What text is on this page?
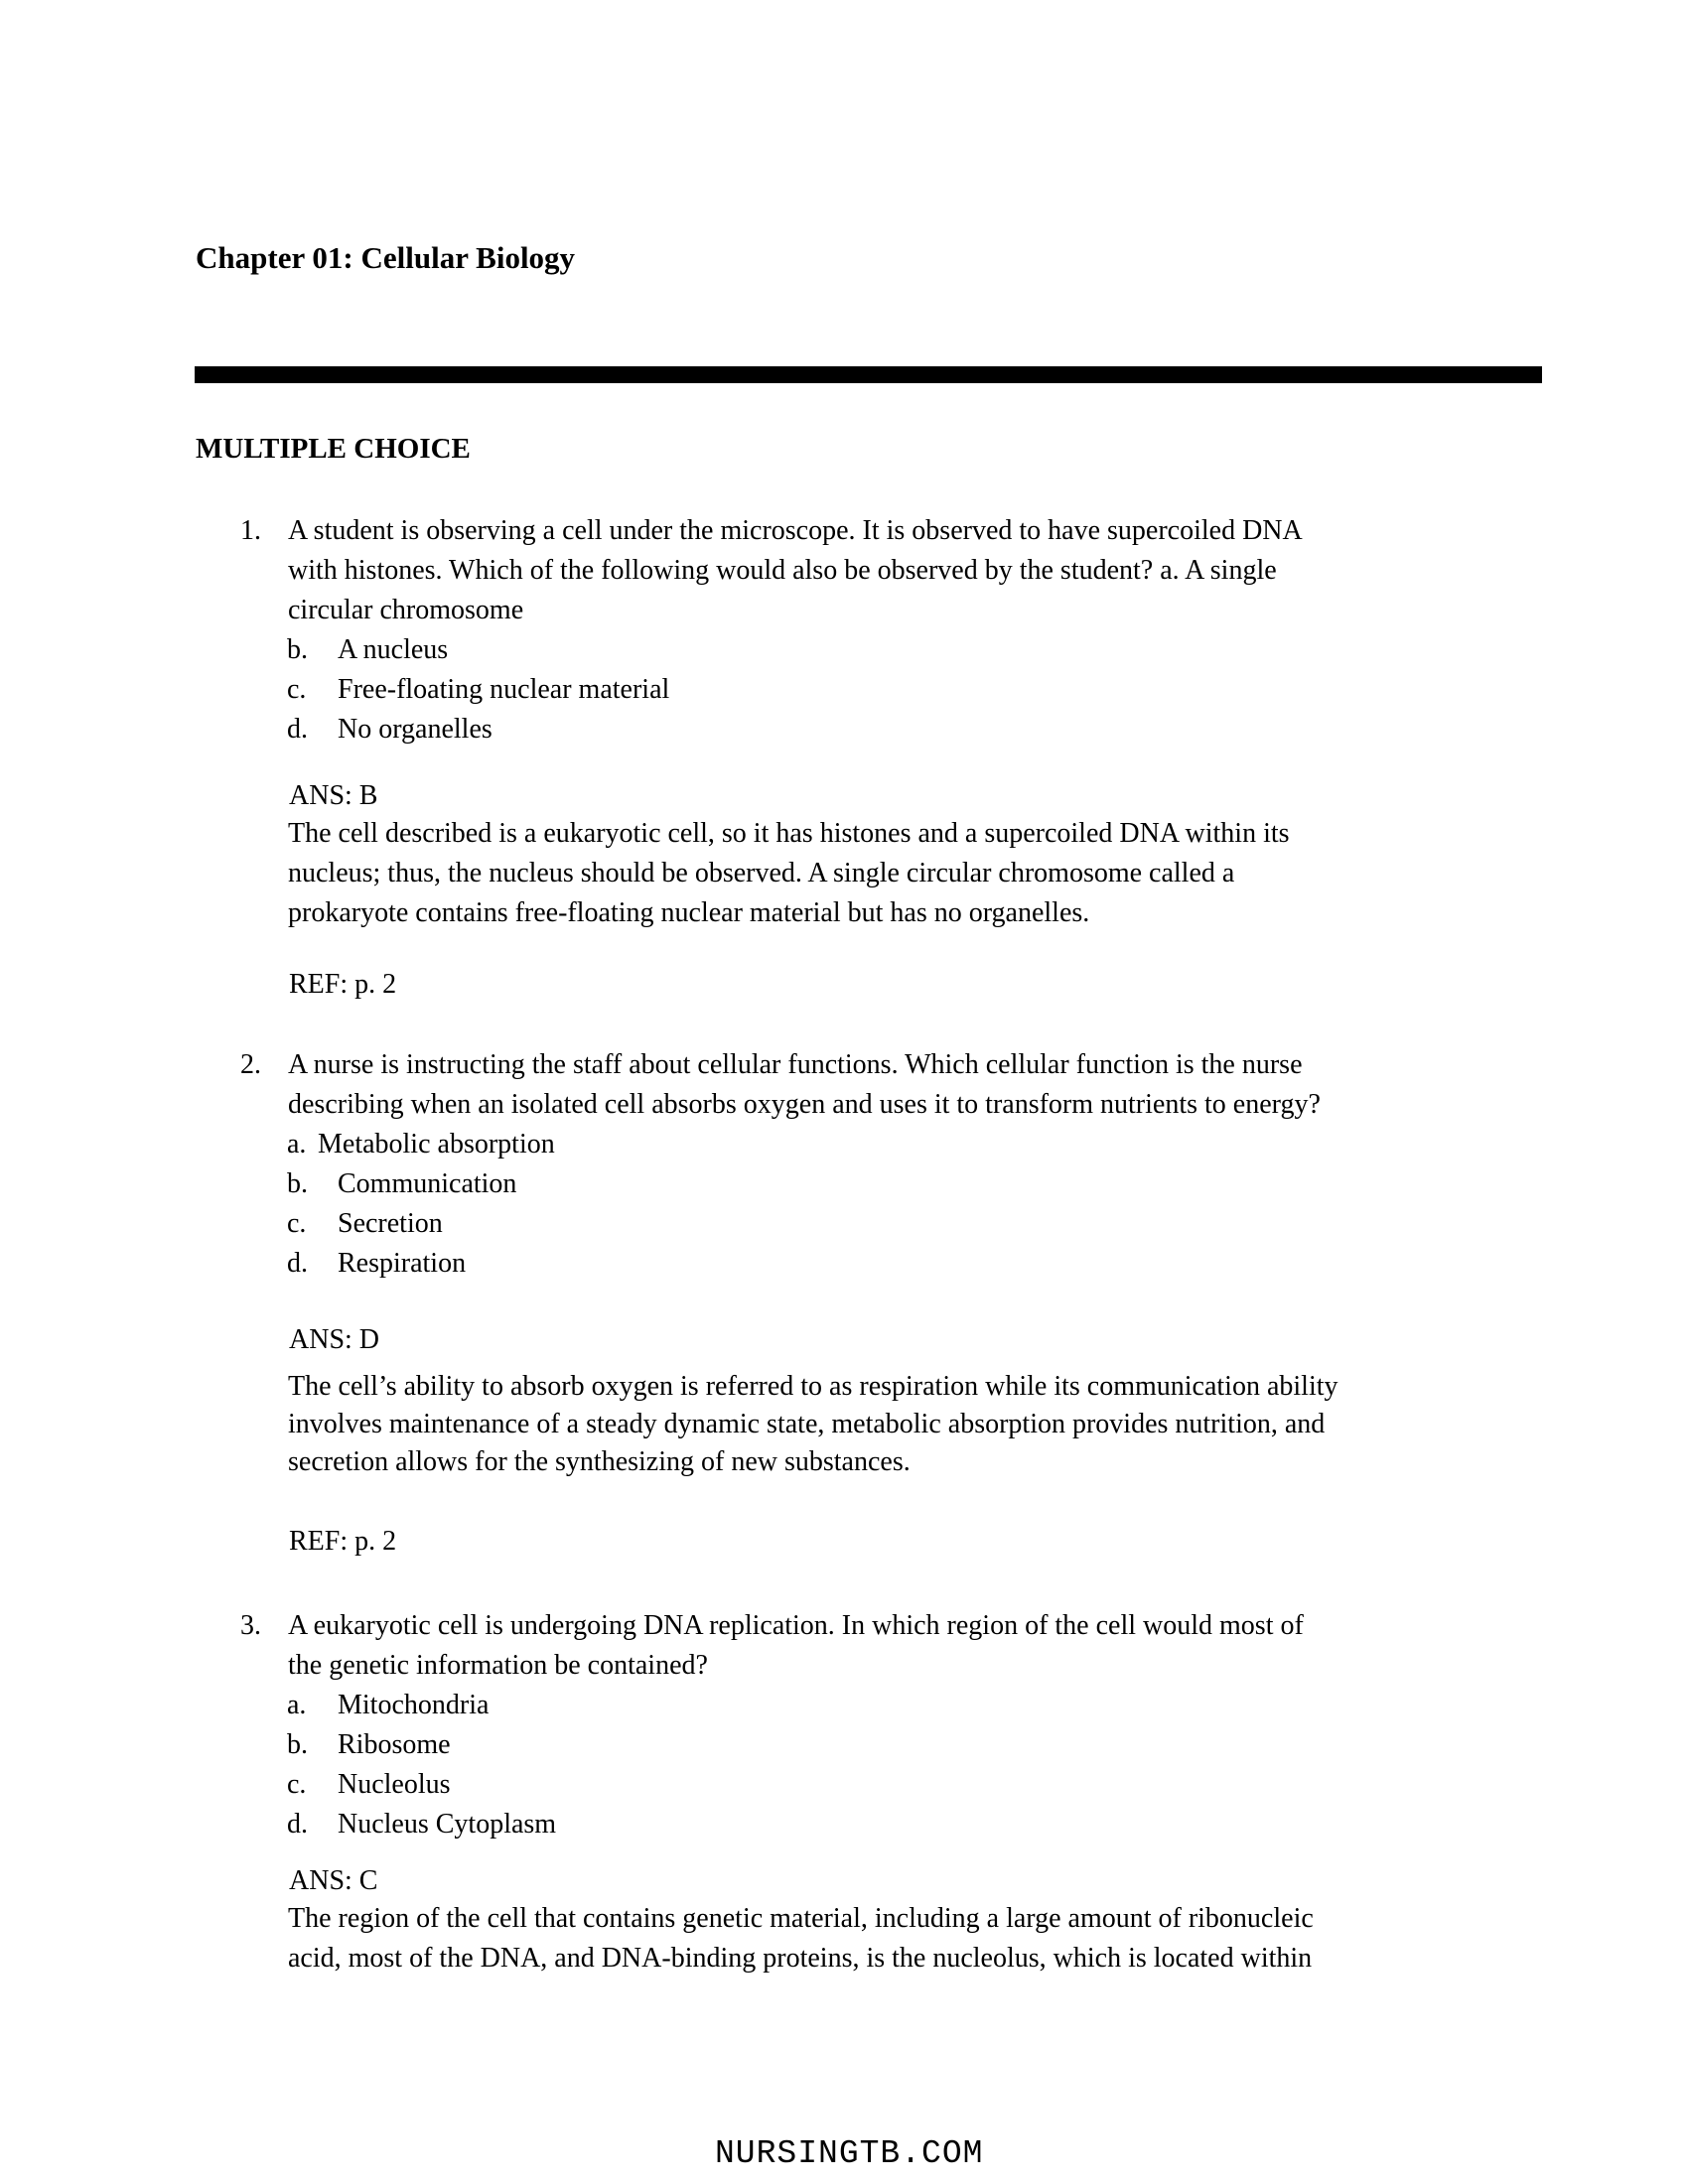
Chapter 01: Cellular Biology
MULTIPLE CHOICE
1. A student is observing a cell under the microscope. It is observed to have supercoiled DNA
with histones. Which of the following would also be observed by the student? a. A single
circular chromosome
b. A nucleus
c. Free-floating nuclear material
d. No organelles
ANS: B
The cell described is a eukaryotic cell, so it has histones and a supercoiled DNA within its
nucleus; thus, the nucleus should be observed. A single circular chromosome called a
prokaryote contains free-floating nuclear material but has no organelles.
REF: p. 2
2. A nurse is instructing the staff about cellular functions. Which cellular function is the nurse
describing when an isolated cell absorbs oxygen and uses it to transform nutrients to energy?
a. Metabolic absorption
b. Communication
c. Secretion
d. Respiration
ANS: D
The cell’s ability to absorb oxygen is referred to as respiration while its communication ability
involves maintenance of a steady dynamic state, metabolic absorption provides nutrition, and
secretion allows for the synthesizing of new substances.
REF: p. 2
3. A eukaryotic cell is undergoing DNA replication. In which region of the cell would most of
the genetic information be contained?
a. Mitochondria
b. Ribosome
c. Nucleolus
d. Nucleus Cytoplasm
ANS: C
The region of the cell that contains genetic material, including a large amount of ribonucleic
acid, most of the DNA, and DNA-binding proteins, is the nucleolus, which is located within
NURSINGTB.COM
